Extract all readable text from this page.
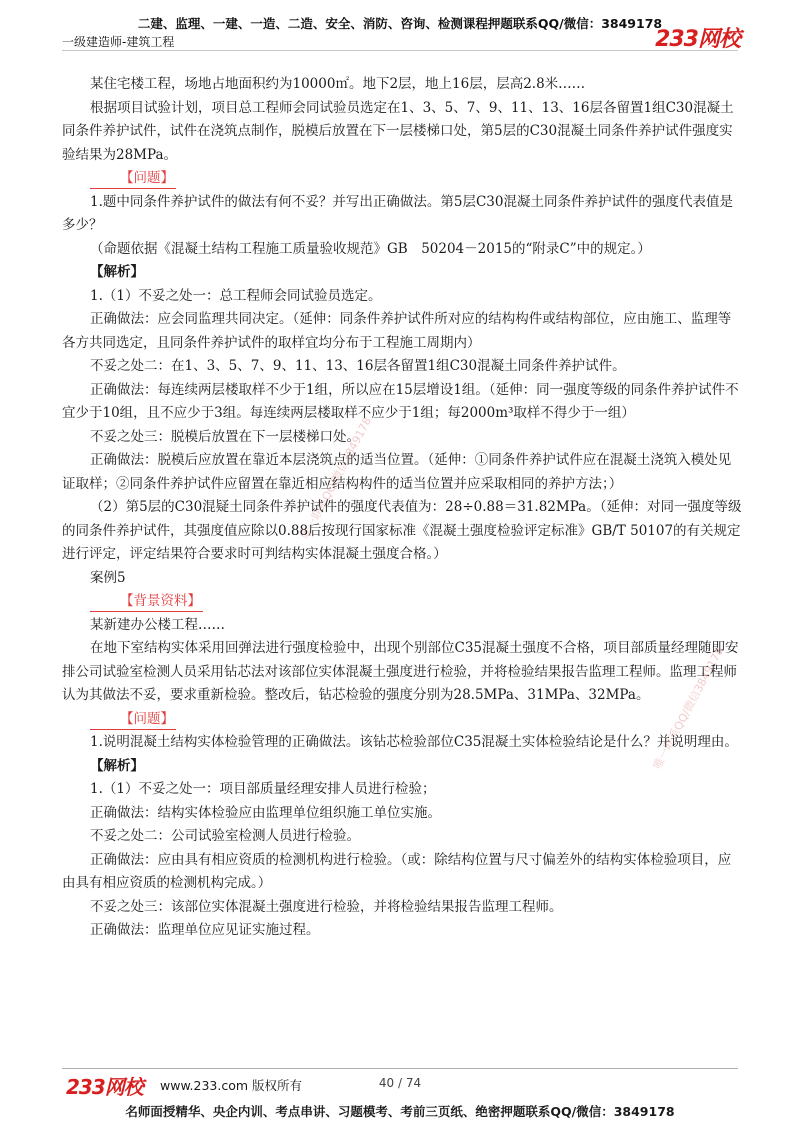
二建、监理、一建、一造、二造、安全、消防、咨询、检测课程押题联系QQ/微信：3849178
一级建造师-建筑工程	233网校
唯一联系QQ/微信3849178
唯一联系QQ/微信3849178

某住宅楼工程，场地占地面积约为10000㎡。地下2层，地上16层，层高2.8米……

根据项目试验计划，项目总工程师会同试验员选定在1、3、5、7、9、11、13、16层各留置1组C30混凝土同条件养护试件，试件在浇筑点制作，脱模后放置在下一层楼梯口处，第5层的C30混凝土同条件养护试件强度实验结果为28MPa。

【问题】

1.题中同条件养护试件的做法有何不妥？并写出正确做法。第5层C30混凝土同条件养护试件的强度代表值是多少？

（命题依据《混凝土结构工程施工质量验收规范》GB　50204－2015的“附录C”中的规定。）

【解析】

1.（1）不妥之处一：总工程师会同试验员选定。

正确做法：应会同监理共同决定。（延伸：同条件养护试件所对应的结构构件或结构部位，应由施工、监理等各方共同选定，且同条件养护试件的取样宜均分布于工程施工周期内）

不妥之处二：在1、3、5、7、9、11、13、16层各留置1组C30混凝土同条件养护试件。

正确做法：每连续两层楼取样不少于1组，所以应在15层增设1组。（延伸：同一强度等级的同条件养护试件不宜少于10组，且不应少于3组。每连续两层楼取样不应少于1组；每2000m³取样不得少于一组）

不妥之处三：脱模后放置在下一层楼梯口处。

正确做法：脱模后应放置在靠近本层浇筑点的适当位置。（延伸：①同条件养护试件应在混凝土浇筑入模处见证取样；②同条件养护试件应留置在靠近相应结构构件的适当位置并应采取相同的养护方法；）

（2）第5层的C30混疑土同条件养护试件的强度代表值为：28÷0.88＝31.82MPa。（延伸：对同一强度等级的同条件养护试件，其强度值应除以0.88后按现行国家标准《混凝土强度检验评定标准》GB/T 50107的有关规定进行评定，评定结果符合要求时可判结构实体混凝土强度合格。）

案例5

【背景资料】

某新建办公楼工程……

在地下室结构实体采用回弹法进行强度检验中，出现个别部位C35混凝土强度不合格，项目部质量经理随即安排公司试验室检测人员采用钻芯法对该部位实体混凝土强度进行检验，并将检验结果报告监理工程师。监理工程师认为其做法不妥，要求重新检验。整改后，钻芯检验的强度分别为28.5MPa、31MPa、32MPa。

【问题】

1.说明混凝土结构实体检验管理的正确做法。该钻芯检验部位C35混凝土实体检验结论是什么？并说明理由。

【解析】

1.（1）不妥之处一：项目部质量经理安排人员进行检验；

正确做法：结构实体检验应由监理单位组织施工单位实施。

不妥之处二：公司试验室检测人员进行检验。

正确做法：应由具有相应资质的检测机构进行检验。（或：除结构位置与尺寸偏差外的结构实体检验项目，应由具有相应资质的检测机构完成。）

不妥之处三：该部位实体混凝土强度进行检验，并将检验结果报告监理工程师。

正确做法：监理单位应见证实施过程。

233网校 www.233.com 版权所有	40 / 74
名师面授精华、央企内训、考点串讲、习题模考、考前三页纸、绝密押题联系QQ/微信：3849178
